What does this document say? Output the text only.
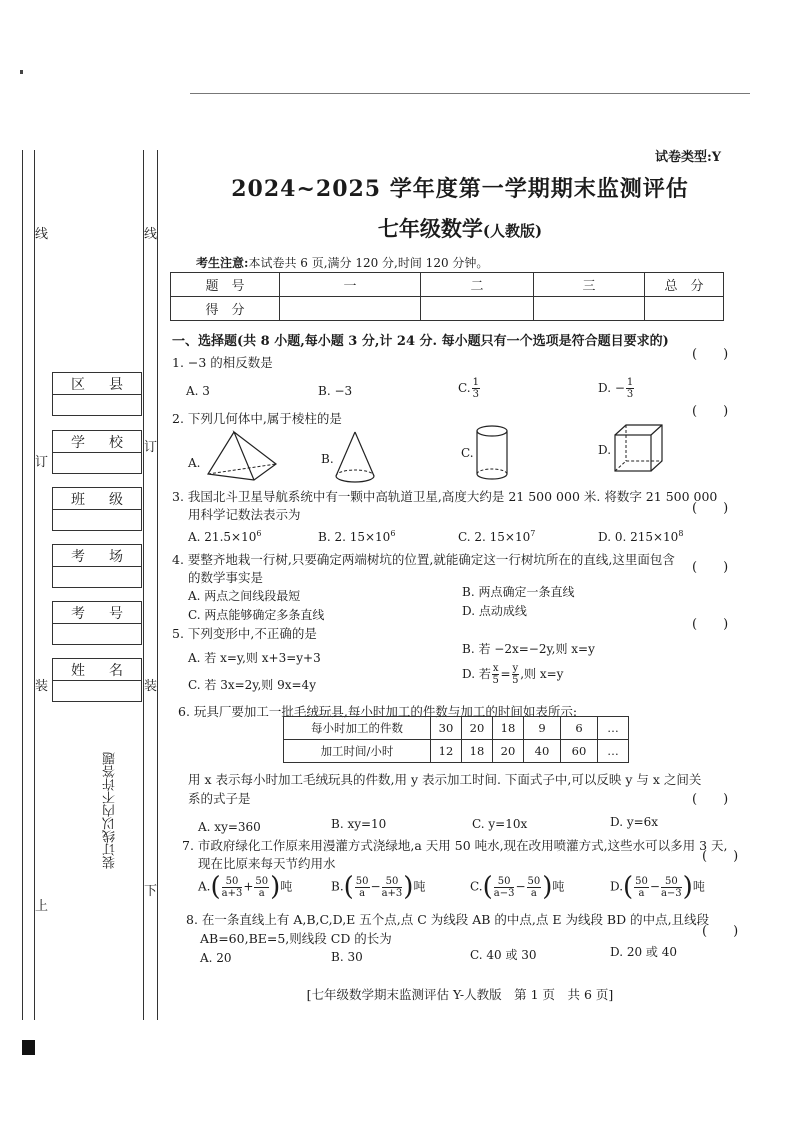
线	线
订
订
装	装
上
下
装订线以内不许答题
区 县
学 校
班 级
考 场
考 号
姓 名
试卷类型:Y
2024~2025 学年度第一学期期末监测评估
七年级数学(人教版)
考生注意:本试卷共 6 页,满分 120 分,时间 120 分钟。
题　号	一	二	三	总　分
得　分				
一、选择题(共 8 小题,每小题 3 分,计 24 分. 每小题只有一个选项是符合题目要求的)
1. −3 的相反数是
(　　)
A. 3	B. −3	C. $\frac{1}{3}$	D. − $\frac{1}{3}$
(　　)
2. 下列几何体中,属于棱柱的是
A.	B.	C.	D.
3. 我国北斗卫星导航系统中有一颗中高轨道卫星,高度大约是 21 500 000 米. 将数字 21 500 000
用科学记数法表示为	(　　)
A. $21.5\times 10^6$	B. 2. $15\times 10^6$	C. 2. $15\times 10^7$	D. 0. $215\times 10^8$
4. 要整齐地栽一行树,只要确定两端树坑的位置,就能确定这一行树坑所在的直线,这里面包含
的数学事实是
(　　)
A. 两点之间线段最短	B. 两点确定一条直线
C. 两点能够确定多条直线	D. 点动成线
5. 下列变形中,不正确的是
(　　)
A. 若 x=y,则 x+3=y+3
B. 若 −2x=−2y,则 x=y
C. 若 3x=2y,则 9x=4y
D. 若 $\frac{x}{5} = \frac{y}{5}$ ,则 x=y
6. 玩具厂要加工一批毛绒玩具,每小时加工的件数与加工的时间如表所示:
每小时加工的件数	30	20	18	9	6	…
加工时间/小时	12	18	20	40	60	…
用 x 表示每小时加工毛绒玩具的件数,用 y 表示加工时间. 下面式子中,可以反映 y 与 x 之间关
系的式子是	(　　)
A. xy=360	B. xy=10	C. y=10x	D. y=6x
7. 市政府绿化工作原来用漫灌方式浇绿地,a 天用 50 吨水,现在改用喷灌方式,这些水可以多用 3 天,
现在比原来每天节约用水	(　　)
$A.( \frac{50}{a+3} + \frac{50}{a}$ )吨	$B.( \frac{50}{a} - \frac{50}{a+3}$ )吨	$C.( \frac{50}{a-3} - \frac{50}{a}$ )吨	$D.( \frac{50}{a} - \frac{50}{a-3}$ )吨
8. 在一条直线上有 A,B,C,D,E 五个点,点 C 为线段 AB 的中点,点 E 为线段 BD 的中点,且线段
AB=60,BE=5,则线段 CD 的长为	(　　)
A. 20	B. 30	C. 40 或 30	D. 20 或 40
[七年级数学期末监测评估 Y-人教版　第 1 页　共 6 页]
